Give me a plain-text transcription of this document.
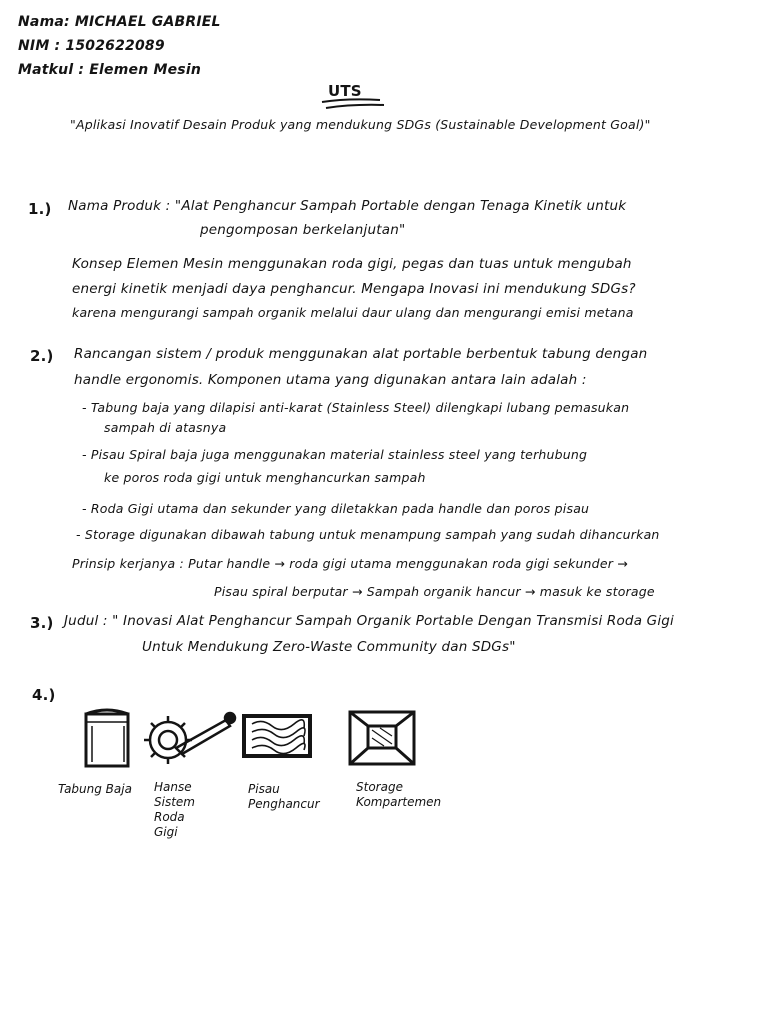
Nama: MICHAEL GABRIEL
NIM : 1502622089
Matkul : Elemen Mesin
UTS
"Aplikasi Inovatif Desain Produk yang mendukung SDGs (Sustainable Development Goal)"
1.) Nama Produk : "Alat Penghancur Sampah Portable dengan Tenaga Kinetik untuk
pengomposan berkelanjutan"
Konsep Elemen Mesin menggunakan roda gigi, pegas dan tuas untuk mengubah
energi kinetik menjadi daya penghancur. Mengapa Inovasi ini mendukung SDGs?
karena mengurangi sampah organik melalui daur ulang dan mengurangi emisi metana
2.) Rancangan sistem / produk menggunakan alat portable berbentuk tabung dengan
handle ergonomis. Komponen utama yang digunakan antara lain adalah :
- Tabung baja yang dilapisi anti-karat (Stainless Steel) dilengkapi lubang pemasukan
sampah di atasnya
- Pisau Spiral baja juga menggunakan material stainless steel yang terhubung
ke poros roda gigi untuk menghancurkan sampah
- Roda Gigi utama dan sekunder yang diletakkan pada handle dan poros pisau
- Storage digunakan dibawah tabung untuk menampung sampah yang sudah dihancurkan
Prinsip kerjanya : Putar handle → roda gigi utama menggunakan roda gigi sekunder →
Pisau spiral berputar → Sampah organik hancur → masuk ke storage
3.) Judul : " Inovasi Alat Penghancur Sampah Organik Portable Dengan Transmisi Roda Gigi
Untuk Mendukung Zero-Waste Community dan SDGs"
4.)
Tabung Baja Hanse
Sistem
Roda
Gigi
Pisau
Penghancur
Storage
Kompartemen
